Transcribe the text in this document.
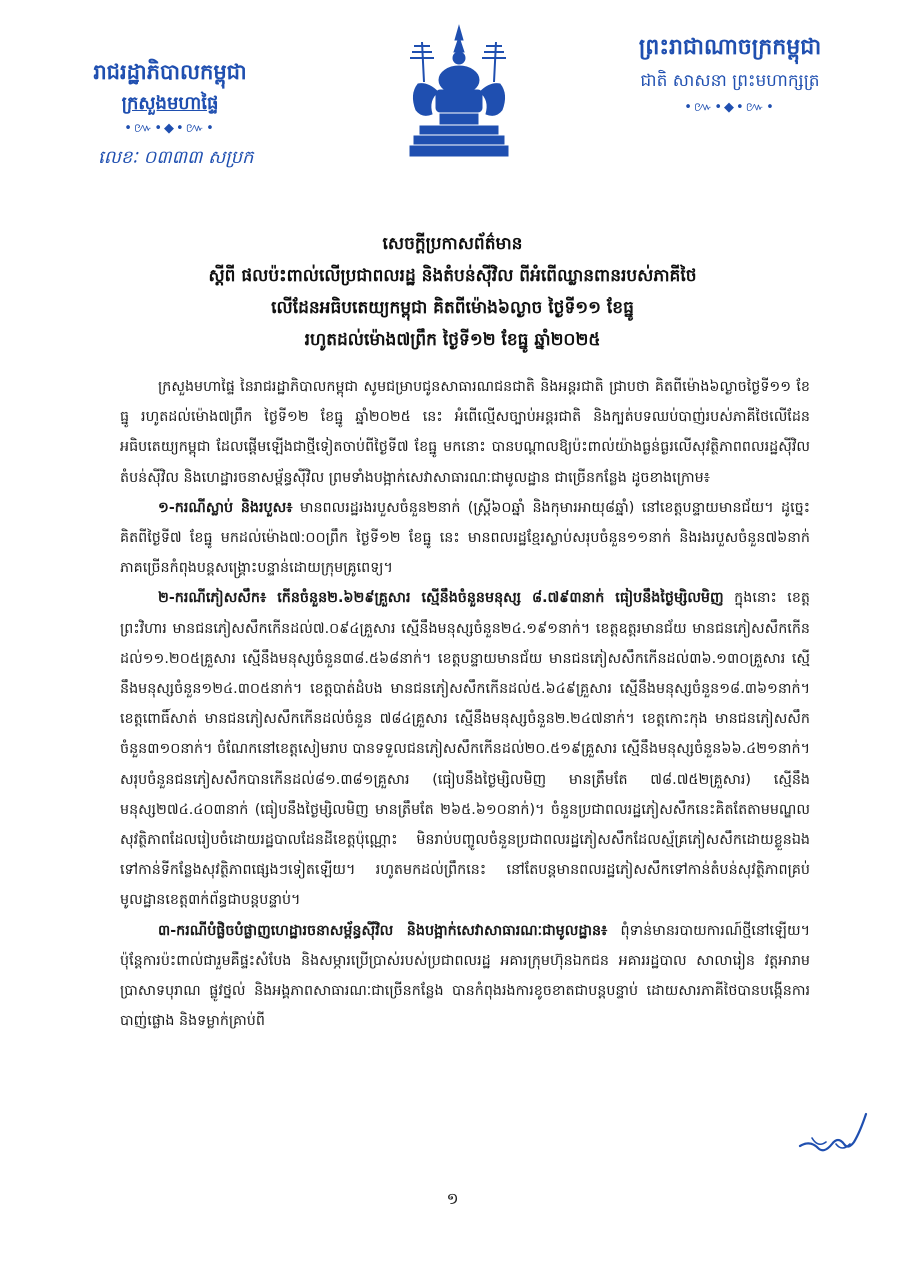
រាជរដ្ឋាភិបាលកម្ពុជា
ក្រសួងមហាផ្ទៃ
•៚•◆•៚•
លេខៈ ០៣៣៣ សប្រក
ព្រះរាជាណាចក្រកម្ពុជា
ជាតិ សាសនា ព្រះមហាក្សត្រ
•៚•◆•៚•
សេចក្តីប្រកាសព័ត៌មាន
ស្តីពី ផលប៉ះពាល់លើប្រជាពលរដ្ឋ និងតំបន់ស៊ីវិល ពីអំពើឈ្លានពានរបស់ភាគីថៃ
លើដែនអធិបតេយ្យកម្ពុជា គិតពីម៉ោង៦ល្ងាច ថ្ងៃទី១១ ខែធ្នូ
រហូតដល់ម៉ោង៧ព្រឹក ថ្ងៃទី១២ ខែធ្នូ ឆ្នាំ២០២៥

ក្រសួងមហាផ្ទៃ នៃរាជរដ្ឋាភិបាលកម្ពុជា សូមជម្រាបជូនសាធារណជនជាតិ និងអន្តរជាតិ ជ្រាបថា គិតពីម៉ោង៦ល្ងាចថ្ងៃទី១១ ខែធ្នូ រហូតដល់ម៉ោង៧ព្រឹក ថ្ងៃទី១២ ខែធ្នូ ឆ្នាំ២០២៥ នេះ អំពើល្មើសច្បាប់អន្តរជាតិ និងក្បត់បទឈប់បាញ់របស់ភាគីថៃលើដែនអធិបតេយ្យកម្ពុជា ដែលផ្តើមឡើងជាថ្មីទៀតចាប់ពីថ្ងៃទី៧ ខែធ្នូ មកនោះ បានបណ្តាលឱ្យប៉ះពាល់យ៉ាងធ្ងន់ធ្ងរលើសុវត្ថិភាពពលរដ្ឋស៊ីវិល តំបន់ស៊ីវិល និងហេដ្ឋារចនាសម្ព័ន្ធស៊ីវិល ព្រមទាំងបង្អាក់សេវាសាធារណៈជាមូលដ្ឋាន ជាច្រើនកន្លែង ដូចខាងក្រោម៖

១-ករណីស្លាប់ និងរបួស៖ មានពលរដ្ឋរងរបួសចំនួន២នាក់ (ស្ត្រី៦០ឆ្នាំ និងកុមារអាយុ៨ឆ្នាំ) នៅខេត្តបន្ទាយមានជ័យ។ ដូច្នេះ គិតពីថ្ងៃទី៧ ខែធ្នូ មកដល់ម៉ោង៧:០០ព្រឹក ថ្ងៃទី១២ ខែធ្នូ នេះ មានពលរដ្ឋខ្មែរស្លាប់សរុបចំនួន១១នាក់ និងរងរបួសចំនួន៧៦នាក់ ភាគច្រើនកំពុងបន្តសង្គ្រោះបន្ទាន់ដោយក្រុមគ្រូពេទ្យ។

២-ករណីភៀសសឹក៖ កើនចំនួន២.៦២៩គ្រួសារ ស្មើនឹងចំនួនមនុស្ស ៨.៧៩៣នាក់ ធៀបនឹងថ្ងៃម្សិលមិញ ក្នុងនោះ ខេត្តព្រះវិហារ មានជនភៀសសឹកកើនដល់៧.០៩៤គ្រួសារ ស្មើនឹងមនុស្សចំនួន២៤.១៩១នាក់។ ខេត្តឧត្តរមានជ័យ មានជនភៀសសឹកកើនដល់១១.២០៥គ្រួសារ ស្មើនឹងមនុស្សចំនួន៣៨.៥៦៨នាក់។ ខេត្តបន្ទាយមានជ័យ មានជនភៀសសឹកកើនដល់៣៦.១៣០គ្រួសារ ស្មើនឹងមនុស្សចំនួន១២៤.៣០៥នាក់។ ខេត្តបាត់ដំបង មានជនភៀសសឹកកើនដល់៥.៦៤៩គ្រួសារ ស្មើនឹងមនុស្សចំនួន១៨.៣៦១នាក់។ ខេត្តពោធិ៍សាត់ មានជនភៀសសឹកកើនដល់ចំនួន ៧៨៤គ្រួសារ ស្មើនឹងមនុស្សចំនួន២.២៤៧នាក់។ ខេត្តកោះកុង មានជនភៀសសឹកចំនួន៣១០នាក់។ ចំណែកនៅខេត្តសៀមរាប បានទទួលជនភៀសសឹកកើនដល់២០.៥១៩គ្រួសារ ស្មើនឹងមនុស្សចំនួន៦៦.៤២១នាក់។ សរុបចំនួនជនភៀសសឹកបានកើនដល់៨១.៣៨១គ្រួសារ (ធៀបនឹងថ្ងៃម្សិលមិញ មានត្រឹមតែ ៧៨.៧៥២គ្រួសារ) ស្មើនឹងមនុស្ស២៧៤.៤០៣នាក់ (ធៀបនឹងថ្ងៃម្សិលមិញ មានត្រឹមតែ ២៦៥.៦១០នាក់)។ ចំនួនប្រជាពលរដ្ឋភៀសសឹកនេះគិតតែតាមមណ្ឌលសុវត្ថិភាពដែលរៀបចំដោយរដ្ឋបាលដែនដីខេត្តប៉ុណ្ណោះ មិនរាប់បញ្ចូលចំនួនប្រជាពលរដ្ឋភៀសសឹកដែលស្ម័គ្រភៀសសឹកដោយខ្លួនឯង ទៅកាន់ទីកន្លែងសុវត្ថិភាពផ្សេងៗទៀតឡើយ។ រហូតមកដល់ព្រឹកនេះ នៅតែបន្តមានពលរដ្ឋភៀសសឹកទៅកាន់តំបន់សុវត្ថិភាពគ្រប់មូលដ្ឋានខេត្ត៣ក់ព័ន្ធជាបន្តបន្ទាប់។

៣-ករណីបំផ្លិចបំផ្លាញហេដ្ឋារចនាសម្ព័ន្ធស៊ីវិល និងបង្អាក់សេវាសាធារណៈជាមូលដ្ឋាន៖ ពុំទាន់មានរបាយការណ៍ថ្មីនៅឡើយ។ ប៉ុន្តែការប៉ះពាល់ជារួមគឺផ្ទះសំបែង និងសម្ភារប្រើប្រាស់របស់ប្រជាពលរដ្ឋ អគារក្រុមហ៊ុនឯកជន អគាររដ្ឋបាល សាលារៀន វត្តអារាម ប្រាសាទបុរាណ ផ្លូវថ្នល់ និងអង្គភាពសាធារណៈជាច្រើនកន្លែង បានកំពុងរងការខូចខាតជាបន្តបន្ទាប់ ដោយសារភាគីថៃបានបង្កើនការបាញ់ផ្លោង និងទម្លាក់គ្រាប់ពី

១
